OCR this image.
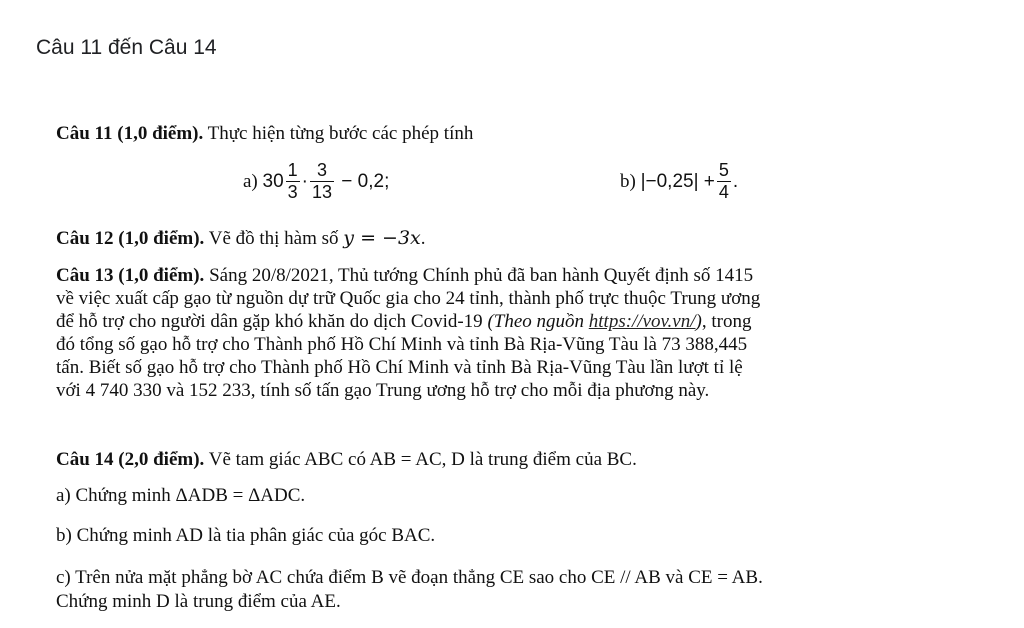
Câu 11 đến Câu 14
Câu 11 (1,0 điểm). Thực hiện từng bước các phép tính
a) $30 \frac{1}{3} \cdot \frac{3}{13} - 0,2$;	b) $|-0,25| + \frac{5}{4}$ .
Câu 12 (1,0 điểm). Vẽ đồ thị hàm số y = −3x.
Câu 13 (1,0 điểm). Sáng 20/8/2021, Thủ tướng Chính phủ đã ban hành Quyết định số 1415
về việc xuất cấp gạo từ nguồn dự trữ Quốc gia cho 24 tỉnh, thành phố trực thuộc Trung ương
để hỗ trợ cho người dân gặp khó khăn do dịch Covid-19 (Theo nguồn https://vov.vn/), trong
đó tổng số gạo hỗ trợ cho Thành phố Hồ Chí Minh và tỉnh Bà Rịa-Vũng Tàu là 73 388,445
tấn. Biết số gạo hỗ trợ cho Thành phố Hồ Chí Minh và tỉnh Bà Rịa-Vũng Tàu lần lượt tỉ lệ
với 4 740 330 và 152 233, tính số tấn gạo Trung ương hỗ trợ cho mỗi địa phương này.
Câu 14 (2,0 điểm). Vẽ tam giác ABC có AB = AC, D là trung điểm của BC.
a) Chứng minh ΔADB = ΔADC.
b) Chứng minh AD là tia phân giác của góc BAC.
c) Trên nửa mặt phẳng bờ AC chứa điểm B vẽ đoạn thẳng CE sao cho CE // AB và CE = AB.
Chứng minh D là trung điểm của AE.
